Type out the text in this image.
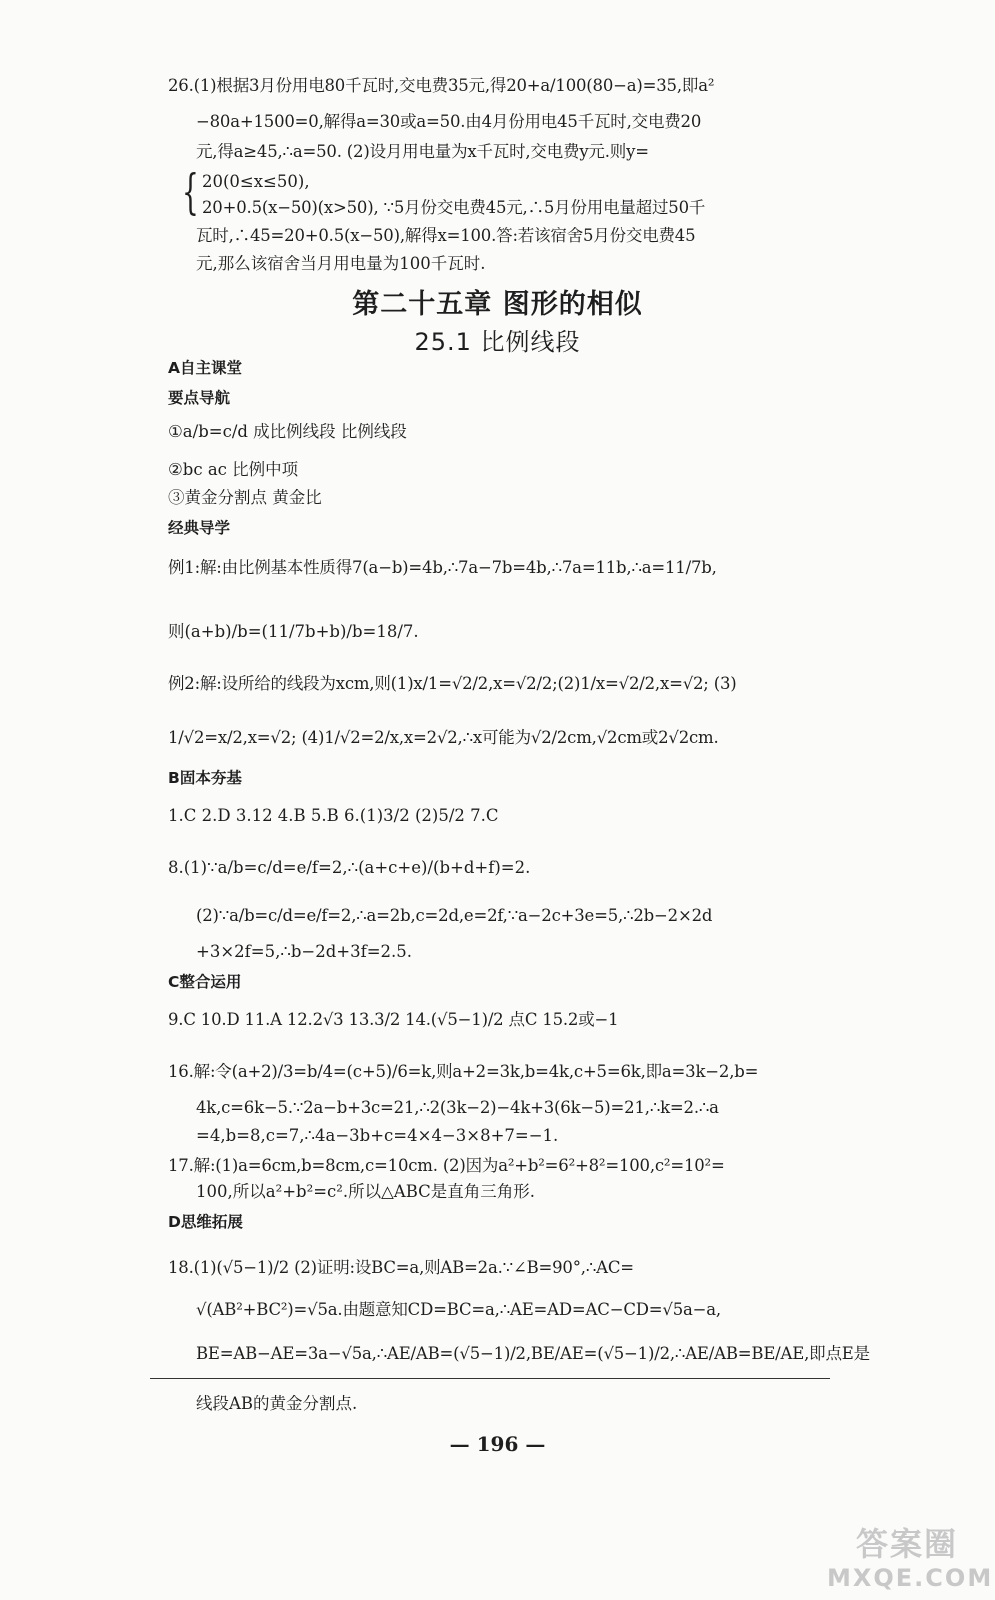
26.(1)根据3月份用电80千瓦时,交电费35元,得20+a/100(80−a)=35,即a²
−80a+1500=0,解得a=30或a=50.由4月份用电45千瓦时,交电费20
元,得a≥45,∴a=50. (2)设月用电量为x千瓦时,交电费y元.则y=
{ 20(0≤x≤50),
20+0.5(x−50)(x>50), ∵5月份交电费45元,∴5月份用电量超过50千
瓦时,∴45=20+0.5(x−50),解得x=100.答:若该宿舍5月份交电费45
元,那么该宿舍当月用电量为100千瓦时.
第二十五章 图形的相似
25.1 比例线段
A自主课堂
要点导航
①a/b=c/d 成比例线段 比例线段
②bc ac 比例中项
③黄金分割点 黄金比
经典导学
例1:解:由比例基本性质得7(a−b)=4b,∴7a−7b=4b,∴7a=11b,∴a=11/7b,
则(a+b)/b=(11/7b+b)/b=18/7.
例2:解:设所给的线段为xcm,则(1)x/1=√2/2,x=√2/2;(2)1/x=√2/2,x=√2; (3)
1/√2=x/2,x=√2; (4)1/√2=2/x,x=2√2,∴x可能为√2/2cm,√2cm或2√2cm.
B固本夯基
1.C 2.D 3.12 4.B 5.B 6.(1)3/2 (2)5/2 7.C
8.(1)∵a/b=c/d=e/f=2,∴(a+c+e)/(b+d+f)=2.
(2)∵a/b=c/d=e/f=2,∴a=2b,c=2d,e=2f,∵a−2c+3e=5,∴2b−2×2d
+3×2f=5,∴b−2d+3f=2.5.
C整合运用
9.C 10.D 11.A 12.2√3 13.3/2 14.(√5−1)/2 点C 15.2或−1
16.解:令(a+2)/3=b/4=(c+5)/6=k,则a+2=3k,b=4k,c+5=6k,即a=3k−2,b=
4k,c=6k−5.∵2a−b+3c=21,∴2(3k−2)−4k+3(6k−5)=21,∴k=2.∴a
=4,b=8,c=7,∴4a−3b+c=4×4−3×8+7=−1.
17.解:(1)a=6cm,b=8cm,c=10cm. (2)因为a²+b²=6²+8²=100,c²=10²=
100,所以a²+b²=c².所以△ABC是直角三角形.
D思维拓展
18.(1)(√5−1)/2 (2)证明:设BC=a,则AB=2a.∵∠B=90°,∴AC=
√(AB²+BC²)=√5a.由题意知CD=BC=a,∴AE=AD=AC−CD=√5a−a,
BE=AB−AE=3a−√5a,∴AE/AB=(√5−1)/2,BE/AE=(√5−1)/2,∴AE/AB=BE/AE,即点E是
线段AB的黄金分割点.
— 196 —
答案圈
MXQE.COM
